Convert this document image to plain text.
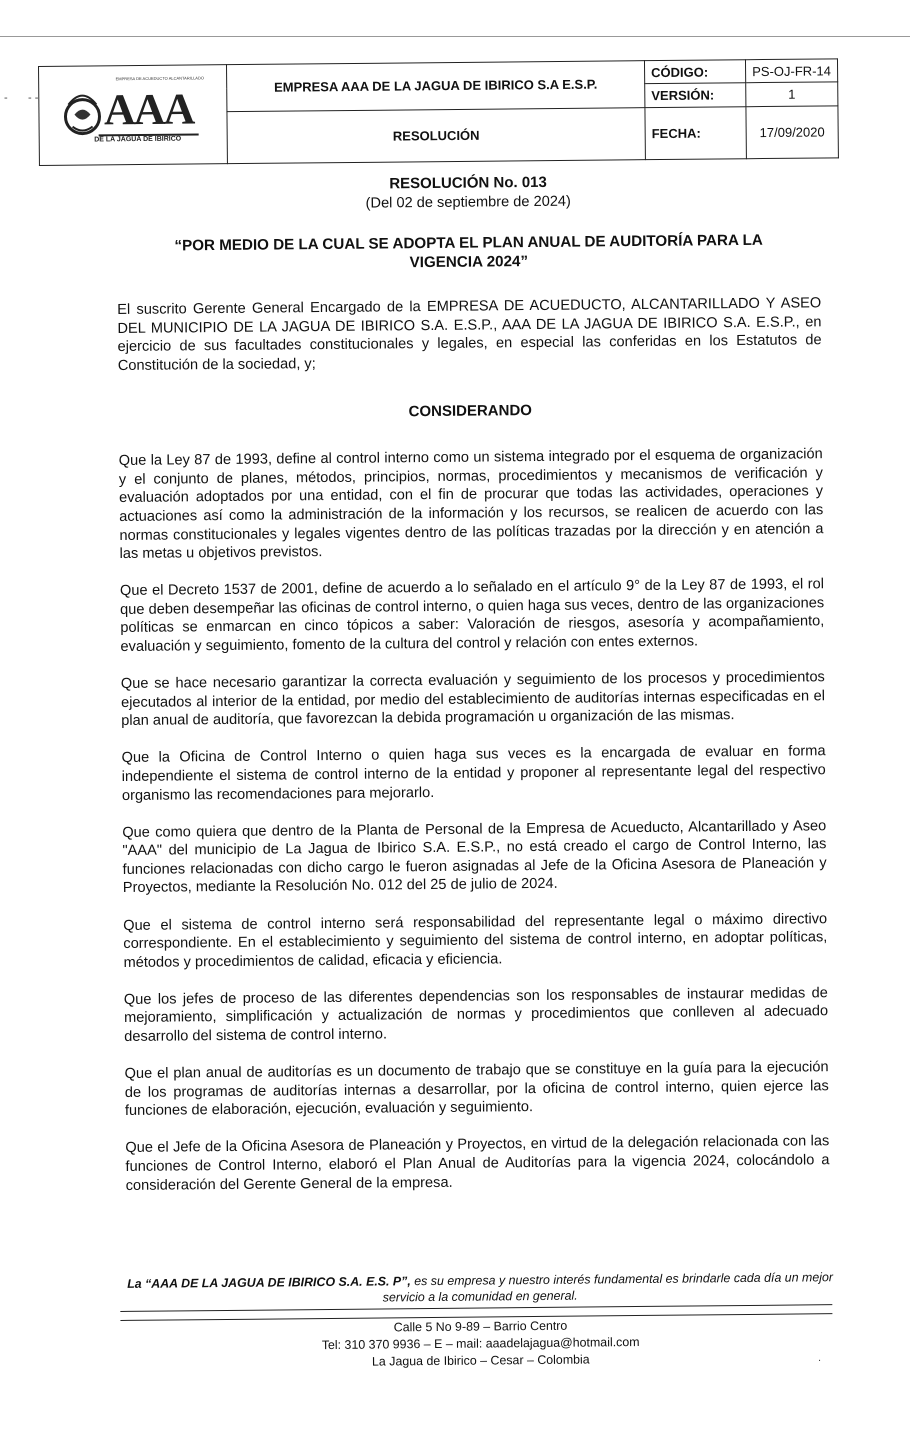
- - -
.
EMPRESA DE ACUEDUCTO ALCANTARILLADO
AAA
DE LA JAGUA DE IBIRICO	EMPRESA AAA DE LA JAGUA DE IBIRICO S.A E.S.P.	CÓDIGO:	PS-OJ-FR-14
		VERSIÓN:	1
	RESOLUCIÓN	FECHA:	17/09/2020
RESOLUCIÓN No. 013
(Del 02 de septiembre de 2024)
“POR MEDIO DE LA CUAL SE ADOPTA EL PLAN ANUAL DE AUDITORÍA PARA LA VIGENCIA 2024”

El suscrito Gerente General Encargado de la EMPRESA DE ACUEDUCTO, ALCANTARILLADO Y ASEO DEL MUNICIPIO DE LA JAGUA DE IBIRICO S.A. E.S.P., AAA DE LA JAGUA DE IBIRICO S.A. E.S.P., en ejercicio de sus facultades constitucionales y legales, en especial las conferidas en los Estatutos de Constitución de la sociedad, y;

CONSIDERANDO

Que la Ley 87 de 1993, define al control interno como un sistema integrado por el esquema de organización y el conjunto de planes, métodos, principios, normas, procedimientos y mecanismos de verificación y evaluación adoptados por una entidad, con el fin de procurar que todas las actividades, operaciones y actuaciones así como la administración de la información y los recursos, se realicen de acuerdo con las normas constitucionales y legales vigentes dentro de las políticas trazadas por la dirección y en atención a las metas u objetivos previstos.

Que el Decreto 1537 de 2001, define de acuerdo a lo señalado en el artículo 9° de la Ley 87 de 1993, el rol que deben desempeñar las oficinas de control interno, o quien haga sus veces, dentro de las organizaciones políticas se enmarcan en cinco tópicos a saber: Valoración de riesgos, asesoría y acompañamiento, evaluación y seguimiento, fomento de la cultura del control y relación con entes externos.

Que se hace necesario garantizar la correcta evaluación y seguimiento de los procesos y procedimientos ejecutados al interior de la entidad, por medio del establecimiento de auditorías internas especificadas en el plan anual de auditoría, que favorezcan la debida programación u organización de las mismas.

Que la Oficina de Control Interno o quien haga sus veces es la encargada de evaluar en forma independiente el sistema de control interno de la entidad y proponer al representante legal del respectivo organismo las recomendaciones para mejorarlo.

Que como quiera que dentro de la Planta de Personal de la Empresa de Acueducto, Alcantarillado y Aseo "AAA" del municipio de La Jagua de Ibirico S.A. E.S.P., no está creado el cargo de Control Interno, las funciones relacionadas con dicho cargo le fueron asignadas al Jefe de la Oficina Asesora de Planeación y Proyectos, mediante la Resolución No. 012 del 25 de julio de 2024.

Que el sistema de control interno será responsabilidad del representante legal o máximo directivo correspondiente. En el establecimiento y seguimiento del sistema de control interno, en adoptar políticas, métodos y procedimientos de calidad, eficacia y eficiencia.

Que los jefes de proceso de las diferentes dependencias son los responsables de instaurar medidas de mejoramiento, simplificación y actualización de normas y procedimientos que conlleven al adecuado desarrollo del sistema de control interno.

Que el plan anual de auditorías es un documento de trabajo que se constituye en la guía para la ejecución de los programas de auditorías internas a desarrollar, por la oficina de control interno, quien ejerce las funciones de elaboración, ejecución, evaluación y seguimiento.

Que el Jefe de la Oficina Asesora de Planeación y Proyectos, en virtud de la delegación relacionada con las funciones de Control Interno, elaboró el Plan Anual de Auditorías para la vigencia 2024, colocándolo a consideración del Gerente General de la empresa.

La “AAA DE LA JAGUA DE IBIRICO S.A. E.S. P”, es su empresa y nuestro interés fundamental es brindarle cada día un mejor servicio a la comunidad en general.
Calle 5 No 9-89 – Barrio Centro
Tel: 310 370 9936 – E – mail: aaadelajagua@hotmail.com
La Jagua de Ibirico – Cesar – Colombia
